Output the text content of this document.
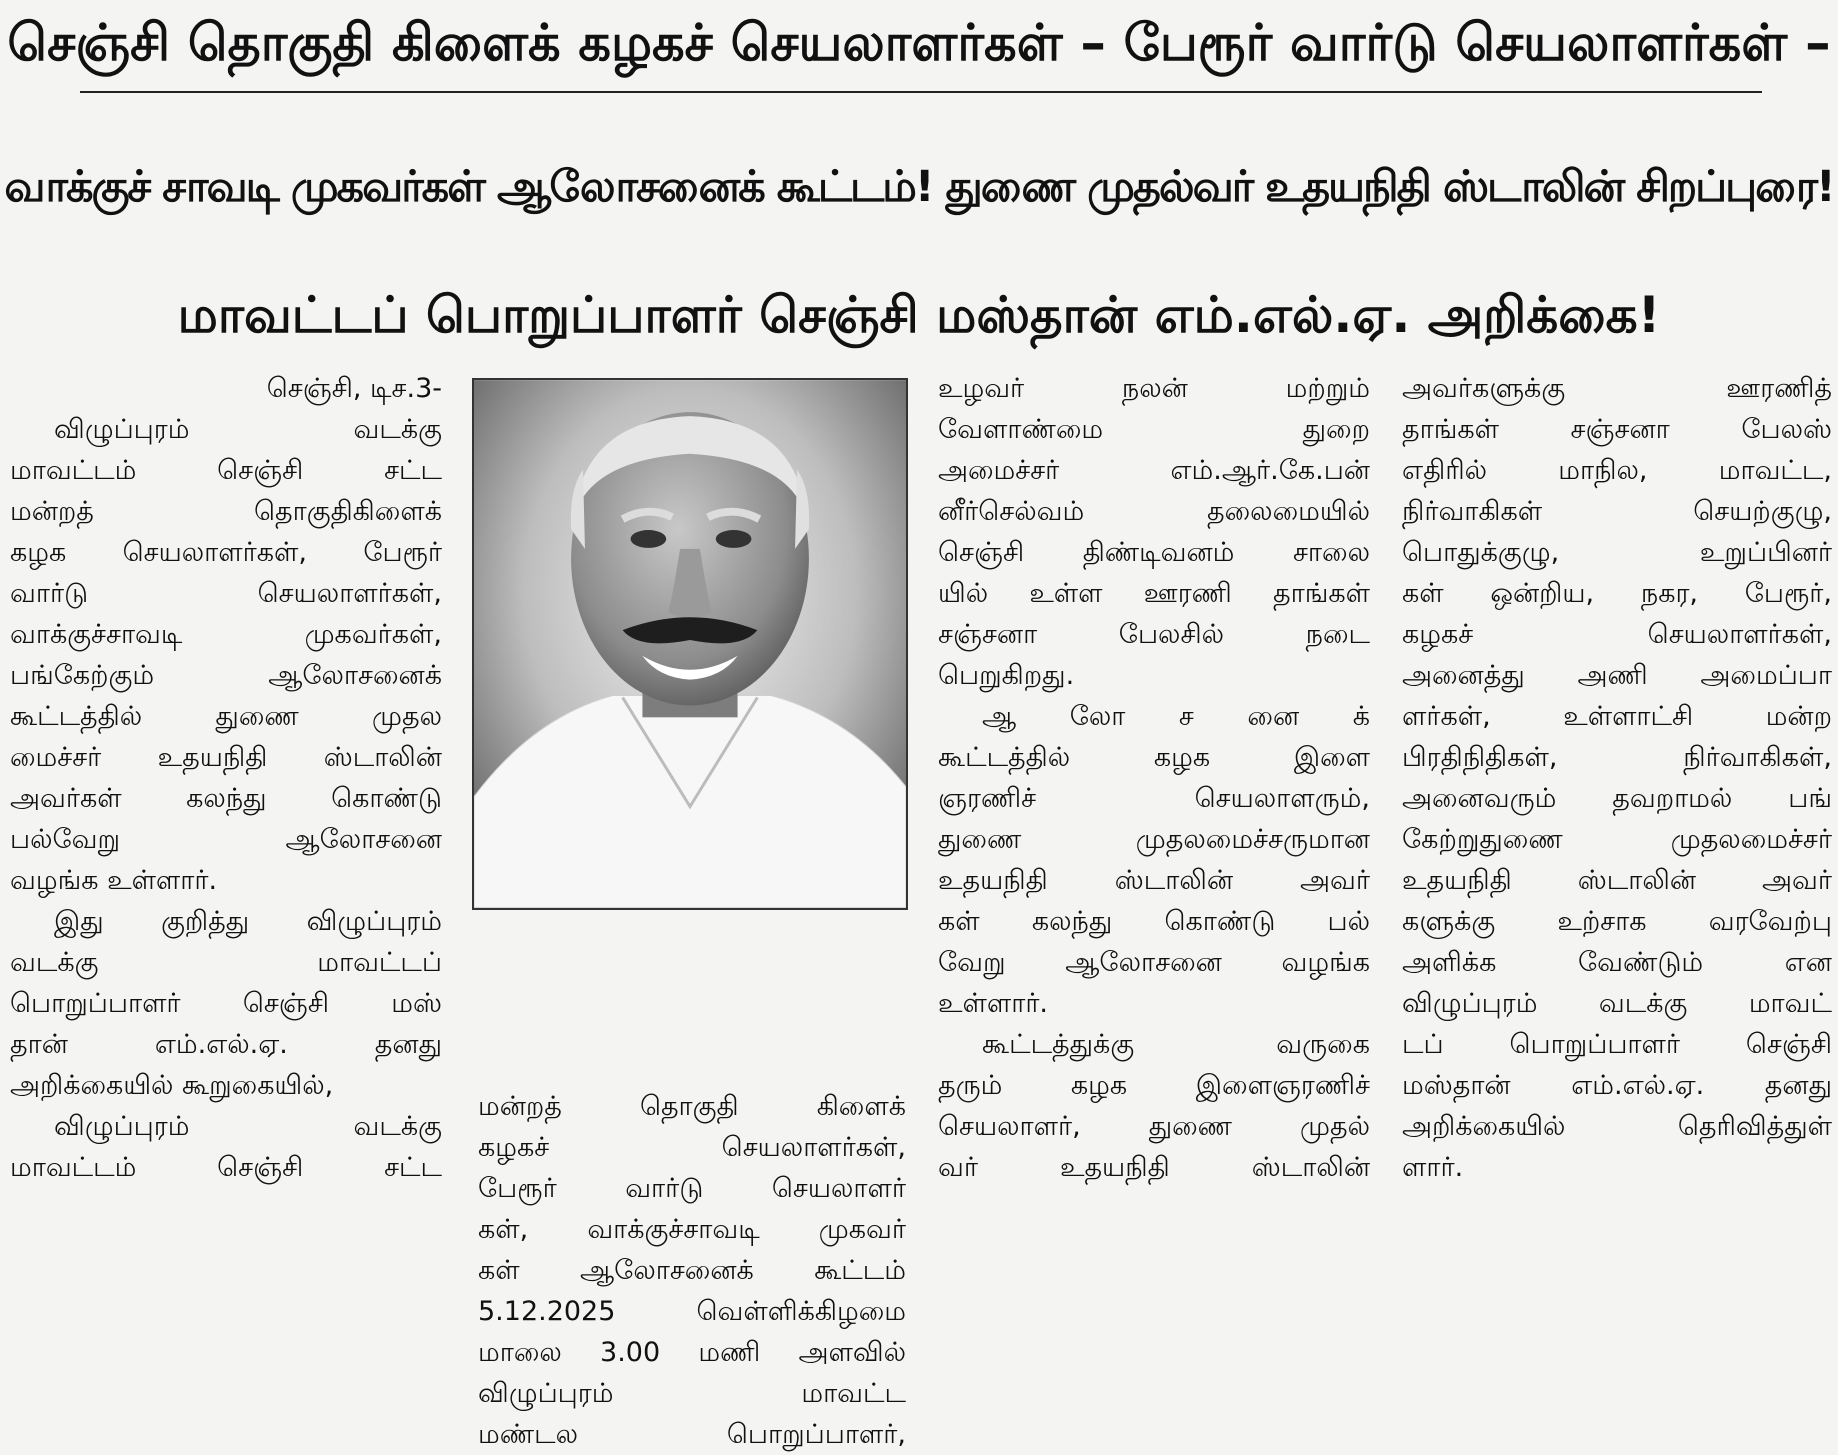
செஞ்சி தொகுதி கிளைக் கழகச் செயலாளர்கள் – பேரூர் வார்டு செயலாளர்கள் –
வாக்குச் சாவடி முகவர்கள் ஆலோசனைக் கூட்டம்! துணை முதல்வர் உதயநிதி ஸ்டாலின் சிறப்புரை!
மாவட்டப் பொறுப்பாளர் செஞ்சி மஸ்தான் எம்.எல்.ஏ. அறிக்கை!
செஞ்சி, டிச.3-
விழுப்புரம் வடக்கு
மாவட்டம் செஞ்சி சட்ட
மன்றத் தொகுதிகிளைக்
கழக செயலாளர்கள், பேரூர்
வார்டு செயலாளர்கள்,
வாக்குச்சாவடி முகவர்கள்,
பங்கேற்கும் ஆலோசனைக்
கூட்டத்தில் துணை முதல
மைச்சர் உதயநிதி ஸ்டாலின்
அவர்கள் கலந்து கொண்டு
பல்வேறு ஆலோசனை
வழங்க உள்ளார்.
இது குறித்து விழுப்புரம்
வடக்கு மாவட்டப்
பொறுப்பாளர் செஞ்சி மஸ்
தான் எம்.எல்.ஏ. தனது
அறிக்கையில் கூறுகையில்,
விழுப்புரம் வடக்கு
மாவட்டம் செஞ்சி சட்ட
மன்றத் தொகுதி கிளைக்
கழகச் செயலாளர்கள்,
பேரூர் வார்டு செயலாளர்
கள், வாக்குச்சாவடி முகவர்
கள் ஆலோசனைக் கூட்டம்
5.12.2025 வெள்ளிக்கிழமை
மாலை 3.00 மணி அளவில்
விழுப்புரம் மாவட்ட
மண்டல பொறுப்பாளர்,
உழவர் நலன் மற்றும்
வேளாண்மை துறை
அமைச்சர் எம்.ஆர்.கே.பன்
னீர்செல்வம் தலைமையில்
செஞ்சி திண்டிவனம் சாலை
யில் உள்ள ஊரணி தாங்கள்
சஞ்சனா பேலசில் நடை
பெறுகிறது.
ஆ லோ ச னை க்
கூட்டத்தில் கழக இளை
ஞரணிச் செயலாளரும்,
துணை முதலமைச்சருமான
உதயநிதி ஸ்டாலின் அவர்
கள் கலந்து கொண்டு பல்
வேறு ஆலோசனை வழங்க
உள்ளார்.
கூட்டத்துக்கு வருகை
தரும் கழக இளைஞரணிச்
செயலாளர், துணை முதல்
வர் உதயநிதி ஸ்டாலின்
அவர்களுக்கு ஊரணித்
தாங்கள் சஞ்சனா பேலஸ்
எதிரில் மாநில, மாவட்ட,
நிர்வாகிகள் செயற்குழு,
பொதுக்குழு, உறுப்பினர்
கள் ஒன்றிய, நகர, பேரூர்,
கழகச் செயலாளர்கள்,
அனைத்து அணி அமைப்பா
ளர்கள், உள்ளாட்சி மன்ற
பிரதிநிதிகள், நிர்வாகிகள்,
அனைவரும் தவறாமல் பங்
கேற்றுதுணை முதலமைச்சர்
உதயநிதி ஸ்டாலின் அவர்
களுக்கு உற்சாக வரவேற்பு
அளிக்க வேண்டும் என
விழுப்புரம் வடக்கு மாவட்
டப் பொறுப்பாளர் செஞ்சி
மஸ்தான் எம்.எல்.ஏ. தனது
அறிக்கையில் தெரிவித்துள்
ளார்.
